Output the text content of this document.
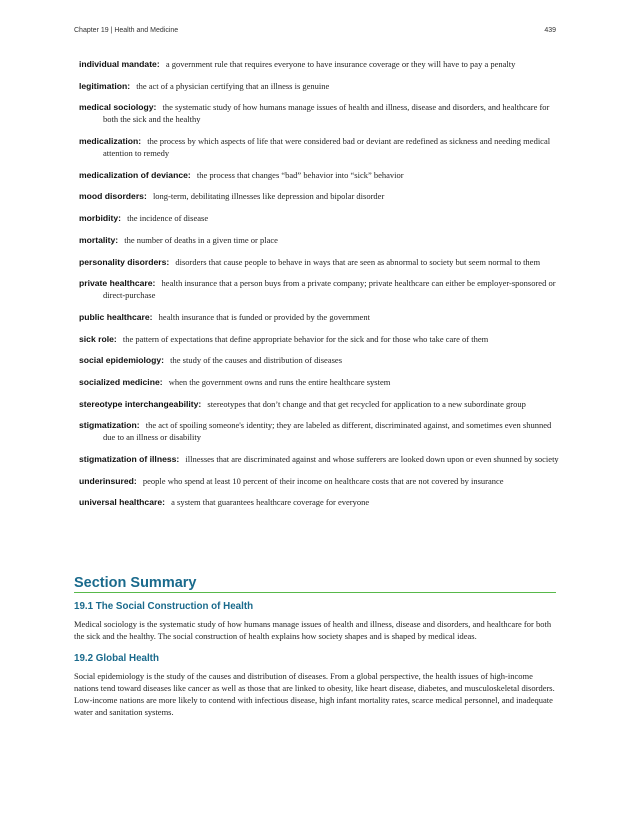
Chapter 19 | Health and Medicine	439
individual mandate: a government rule that requires everyone to have insurance coverage or they will have to pay a penalty
legitimation: the act of a physician certifying that an illness is genuine
medical sociology: the systematic study of how humans manage issues of health and illness, disease and disorders, and healthcare for both the sick and the healthy
medicalization: the process by which aspects of life that were considered bad or deviant are redefined as sickness and needing medical attention to remedy
medicalization of deviance: the process that changes “bad” behavior into “sick” behavior
mood disorders: long-term, debilitating illnesses like depression and bipolar disorder
morbidity: the incidence of disease
mortality: the number of deaths in a given time or place
personality disorders: disorders that cause people to behave in ways that are seen as abnormal to society but seem normal to them
private healthcare: health insurance that a person buys from a private company; private healthcare can either be employer-sponsored or direct-purchase
public healthcare: health insurance that is funded or provided by the government
sick role: the pattern of expectations that define appropriate behavior for the sick and for those who take care of them
social epidemiology: the study of the causes and distribution of diseases
socialized medicine: when the government owns and runs the entire healthcare system
stereotype interchangeability: stereotypes that don’t change and that get recycled for application to a new subordinate group
stigmatization: the act of spoiling someone's identity; they are labeled as different, discriminated against, and sometimes even shunned due to an illness or disability
stigmatization of illness: illnesses that are discriminated against and whose sufferers are looked down upon or even shunned by society
underinsured: people who spend at least 10 percent of their income on healthcare costs that are not covered by insurance
universal healthcare: a system that guarantees healthcare coverage for everyone
Section Summary
19.1 The Social Construction of Health

Medical sociology is the systematic study of how humans manage issues of health and illness, disease and disorders, and healthcare for both the sick and the healthy. The social construction of health explains how society shapes and is shaped by medical ideas.

19.2 Global Health

Social epidemiology is the study of the causes and distribution of diseases. From a global perspective, the health issues of high-income nations tend toward diseases like cancer as well as those that are linked to obesity, like heart disease, diabetes, and musculoskeletal disorders. Low-income nations are more likely to contend with infectious disease, high infant mortality rates, scarce medical personnel, and inadequate water and sanitation systems.
